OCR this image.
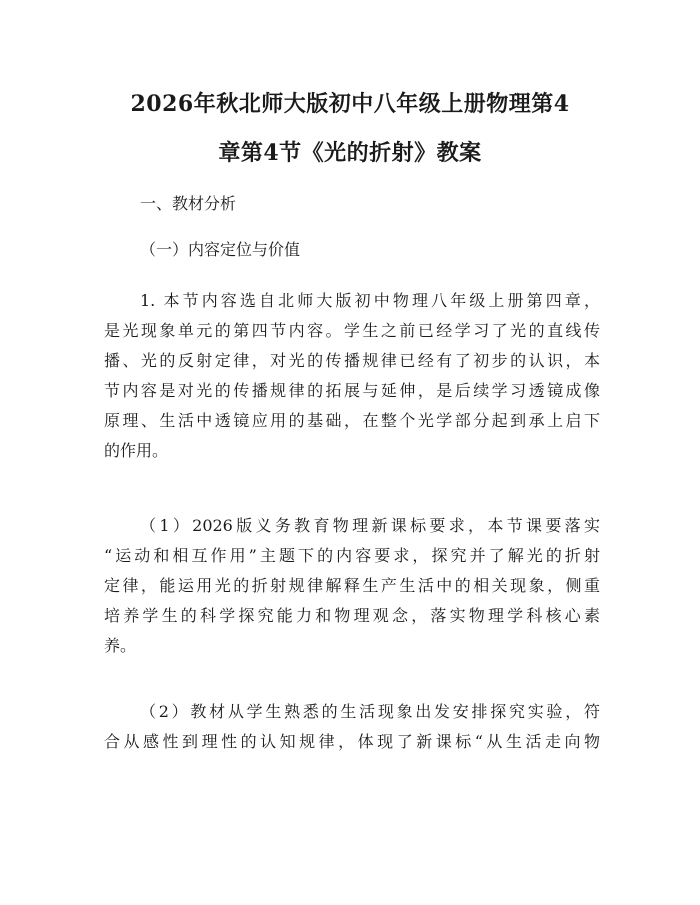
2026年秋北师大版初中八年级上册物理第4
章第4节《光的折射》教案
一、教材分析
（一）内容定位与价值
1. 本节内容选自北师大版初中物理八年级上册第四章，
是光现象单元的第四节内容。学生之前已经学习了光的直线传
播、光的反射定律，对光的传播规律已经有了初步的认识，本
节内容是对光的传播规律的拓展与延伸，是后续学习透镜成像
原理、生活中透镜应用的基础，在整个光学部分起到承上启下
的作用。
（1）2026版义务教育物理新课标要求，本节课要落实
“运动和相互作用”主题下的内容要求，探究并了解光的折射
定律，能运用光的折射规律解释生产生活中的相关现象，侧重
培养学生的科学探究能力和物理观念，落实物理学科核心素
养。
（2）教材从学生熟悉的生活现象出发安排探究实验，符
合从感性到理性的认知规律，体现了新课标“从生活走向物
